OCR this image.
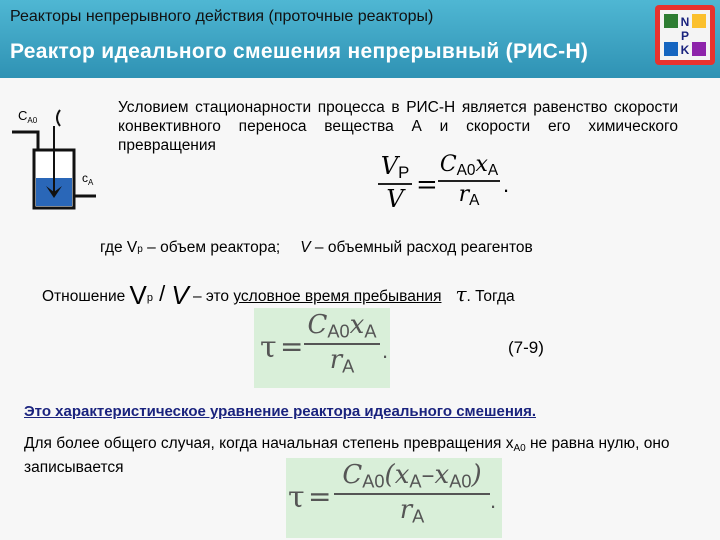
Реакторы непрерывного действия (проточные реакторы)
Реактор идеального смешения непрерывный (РИС-Н)
N
P
K
$C_{A0}$
$c_A$
Условием стационарности процесса в РИС-Н является равенство скорости конвективного переноса вещества А и скорости его химического превращения
$V_P$
V =
$C_{A0}x_A$
$r_A$
.
где Vр – объем реактора; V – объемный расход реагентов
Отношение Vр / V – это условное время пребывания τ. Тогда
τ =
$C_{A0}x_A$
$r_A$
.	(7-9)
Это характеристическое уравнение реактора идеального смешения.
Для более общего случая, когда начальная степень превращения xA0 не равна нулю, оно записывается
τ =
$C_{A0}(x_A-x_{A0})$
$r_A$
.
